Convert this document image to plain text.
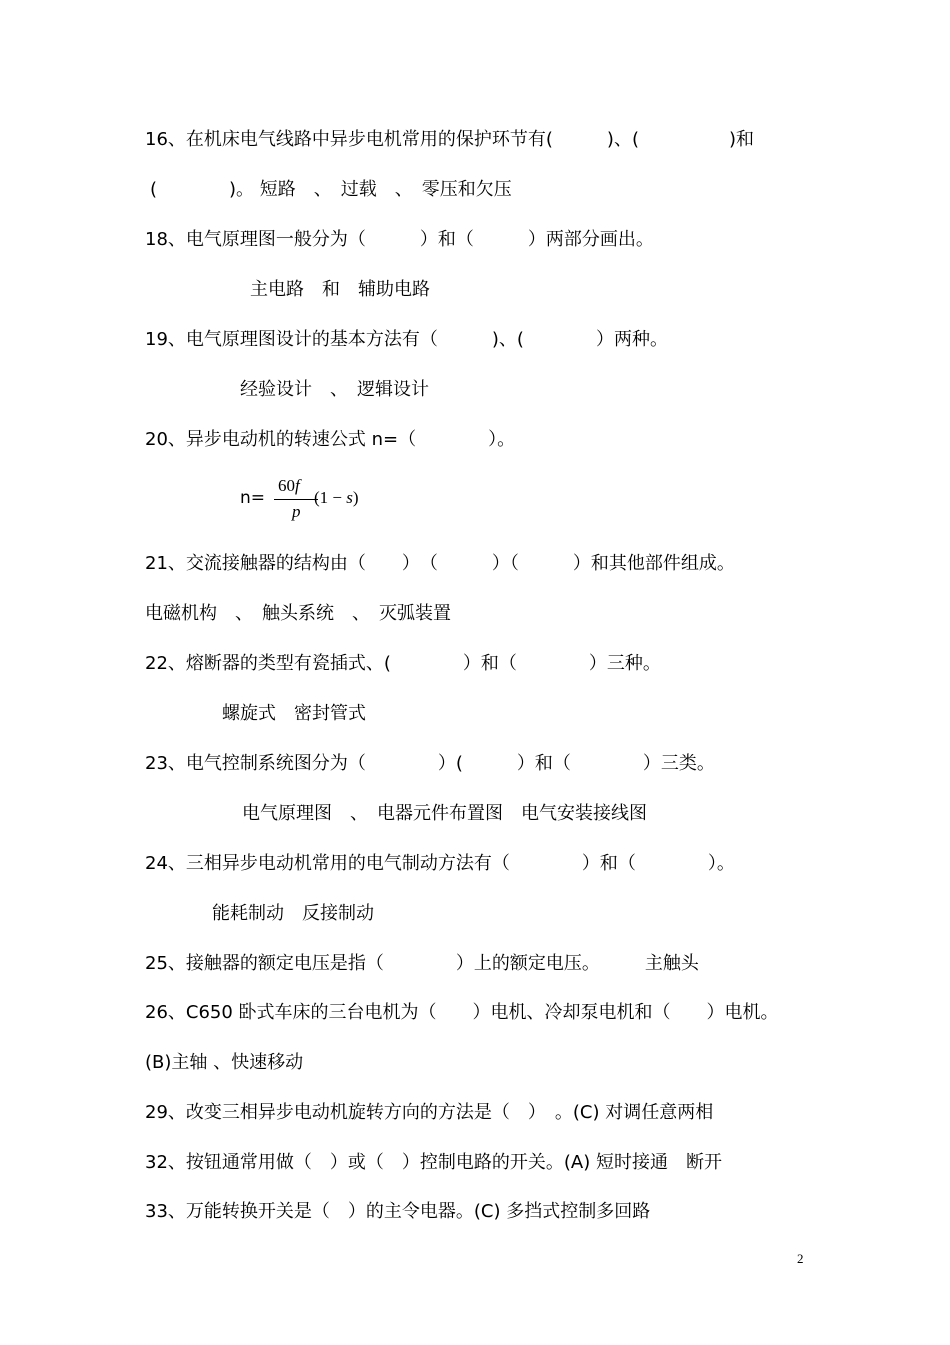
16、在机床电气线路中异步电机常用的保护环节有(　　　)、(　　　　　)和
(　　　　)。 短路　、　过载　、　零压和欠压
18、电气原理图一般分为（　　　）和（　　　）两部分画出。
主电路　和　辅助电路
19、电气原理图设计的基本方法有（　　　)、(　　　　）两种。
经验设计　、　逻辑设计
20、异步电动机的转速公式 n=（　　　　）。
n=
60f
p
(1 − s)
21、交流接触器的结构由（　　）　（　　　）（　　　）和其他部件组成。
电磁机构　、　触头系统　、　灭弧装置
22、熔断器的类型有瓷插式、(　　　　）和（　　　　）三种。
螺旋式　密封管式
23、电气控制系统图分为（　　　　）(　　　）和（　　　　）三类。
电气原理图　、　电器元件布置图　电气安装接线图
24、三相异步电动机常用的电气制动方法有（　　　　）和（　　　　）。
能耗制动　反接制动
25、接触器的额定电压是指（　　　　）上的额定电压。　　　主触头
26、C650 卧式车床的三台电机为（　　）电机、冷却泵电机和（　　）电机。
(B)主轴 、快速移动
29、改变三相异步电动机旋转方向的方法是（　）　。(C) 对调任意两相
32、按钮通常用做（　）或（　）控制电路的开关。(A) 短时接通　断开
33、万能转换开关是（　）的主令电器。(C) 多挡式控制多回路
2
